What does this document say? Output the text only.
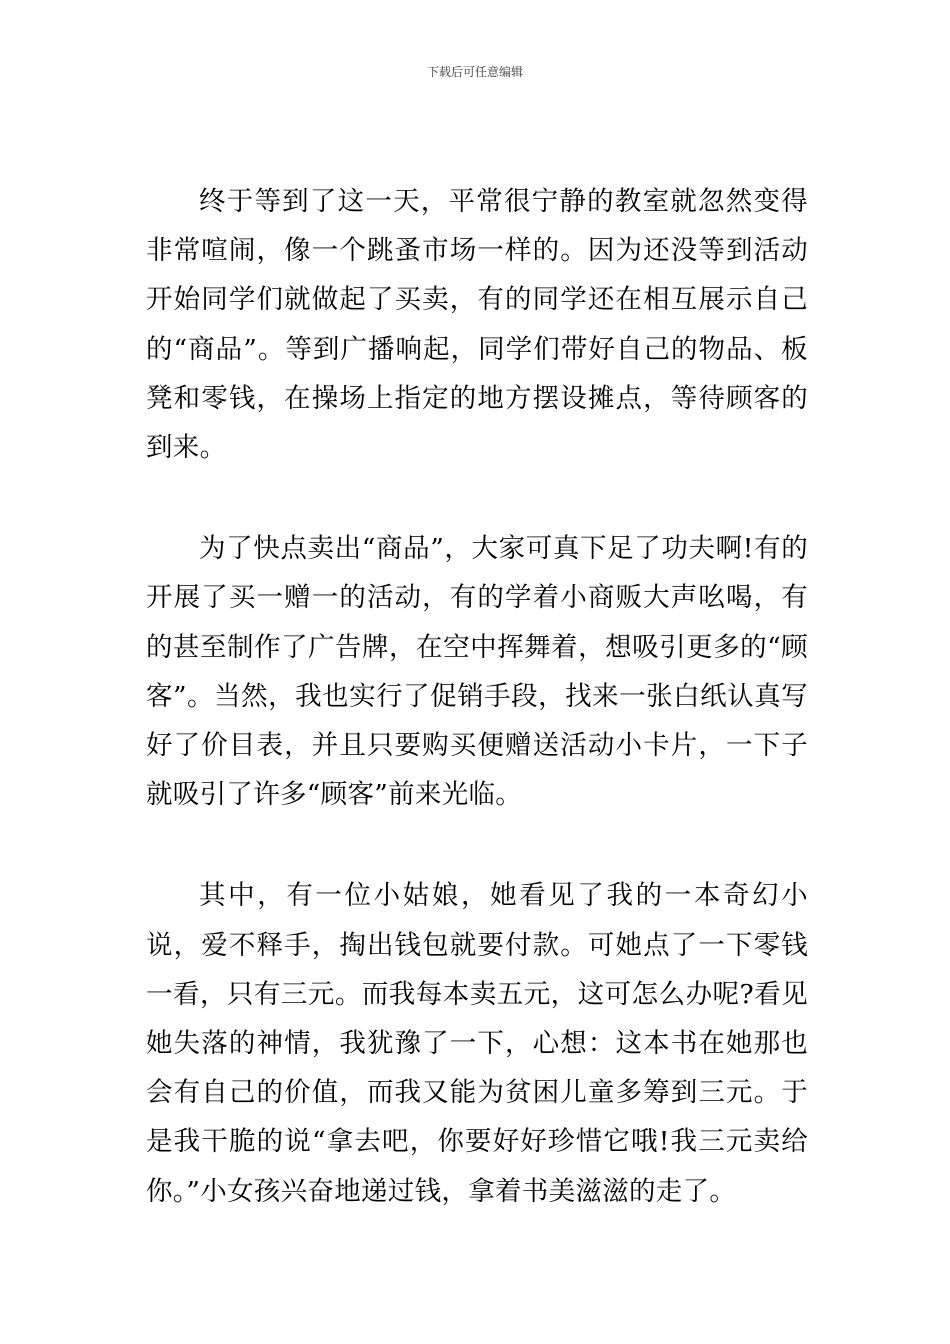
下载后可任意编辑

终于等到了这一天，平常很宁静的教室就忽然变得非常喧闹，像一个跳蚤市场一样的。因为还没等到活动开始同学们就做起了买卖，有的同学还在相互展示自己的“商品”。等到广播响起，同学们带好自己的物品、板凳和零钱，在操场上指定的地方摆设摊点，等待顾客的到来。

为了快点卖出“商品”，大家可真下足了功夫啊!有的开展了买一赠一的活动，有的学着小商贩大声吆喝，有的甚至制作了广告牌，在空中挥舞着，想吸引更多的“顾客”。当然，我也实行了促销手段，找来一张白纸认真写好了价目表，并且只要购买便赠送活动小卡片，一下子就吸引了许多“顾客”前来光临。

其中，有一位小姑娘，她看见了我的一本奇幻小说，爱不释手，掏出钱包就要付款。可她点了一下零钱一看，只有三元。而我每本卖五元，这可怎么办呢?看见她失落的神情，我犹豫了一下，心想：这本书在她那也会有自己的价值，而我又能为贫困儿童多筹到三元。于是我干脆的说“拿去吧，你要好好珍惜它哦!我三元卖给你。”小女孩兴奋地递过钱，拿着书美滋滋的走了。
